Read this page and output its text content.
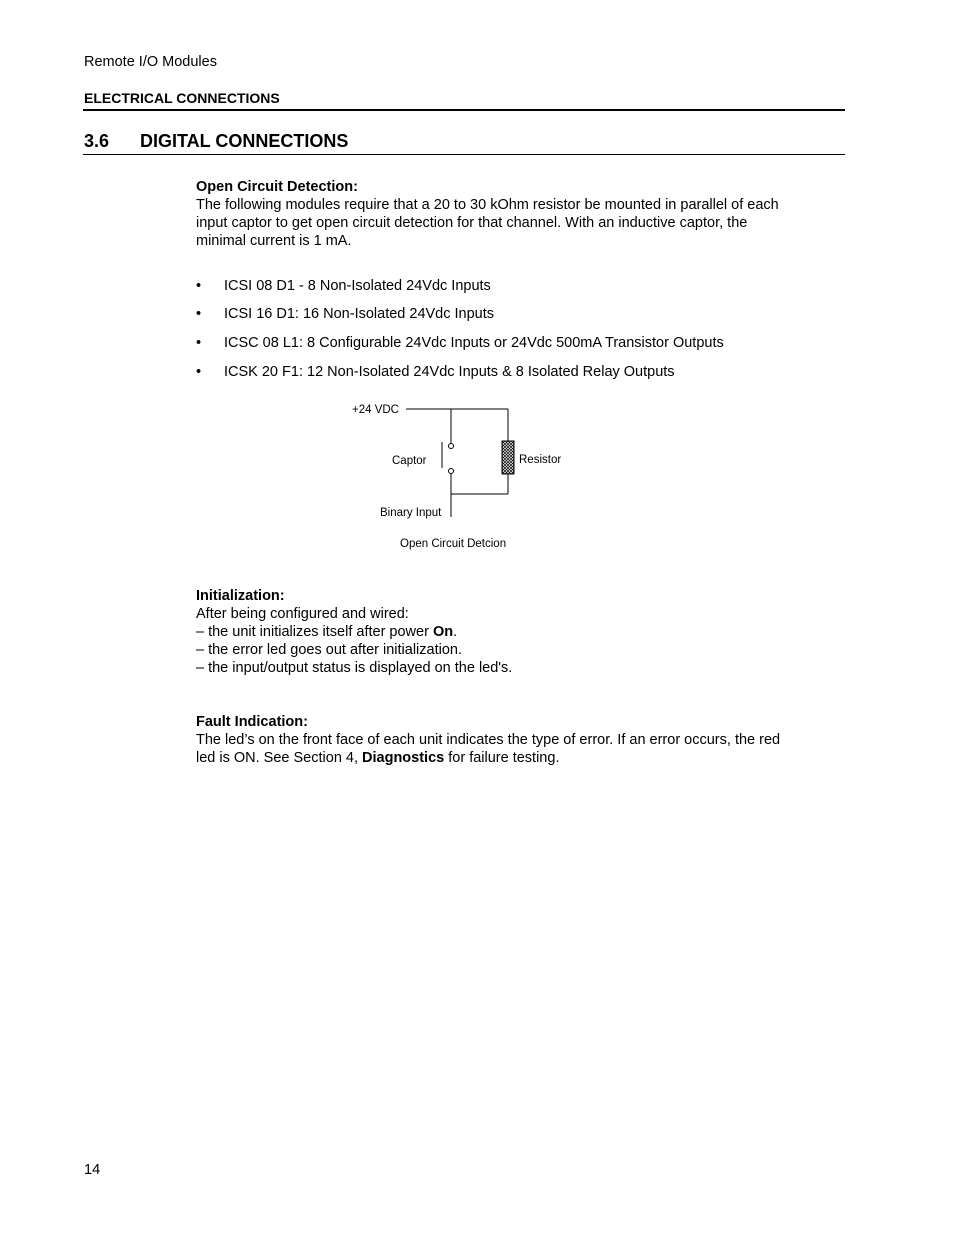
Remote I/O Modules
ELECTRICAL CONNECTIONS
3.6 DIGITAL CONNECTIONS
Open Circuit Detection:
The following modules require that a 20 to 30 kOhm resistor be mounted in parallel of each
input captor to get open circuit detection for that channel. With an inductive captor, the
minimal current is 1 mA.
• ICSI 08 D1 - 8 Non-Isolated 24Vdc Inputs
• ICSI 16 D1: 16 Non-Isolated 24Vdc Inputs
• ICSC 08 L1: 8 Configurable 24Vdc Inputs or 24Vdc 500mA Transistor Outputs
• ICSK 20 F1: 12 Non-Isolated 24Vdc Inputs & 8 Isolated Relay Outputs
+24 VDC
Captor	Resistor
Binary Input
Open Circuit Detcion
Initialization:
After being configured and wired:
– the unit initializes itself after power On.
– the error led goes out after initialization.
– the input/output status is displayed on the led's.
Fault Indication:
The led’s on the front face of each unit indicates the type of error. If an error occurs, the red
led is ON. See Section 4, Diagnostics for failure testing.
14
